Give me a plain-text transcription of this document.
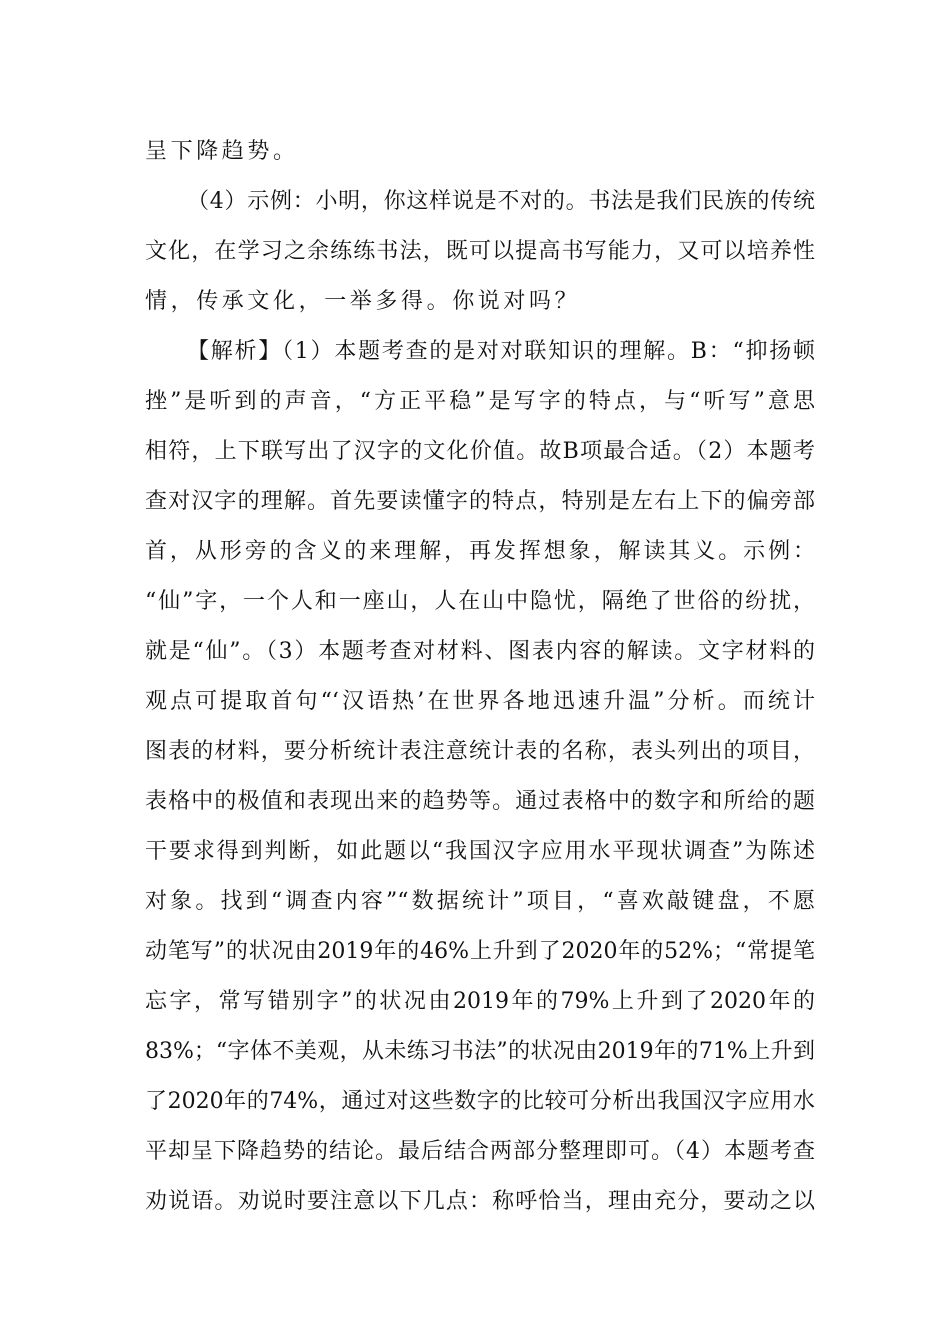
呈下降趋势。
（4）示例：小明，你这样说是不对的。书法是我们民族的传统
文化，在学习之余练练书法，既可以提高书写能力，又可以培养性
情，传承文化，一举多得。你说对吗？
【解析】（1）本题考查的是对对联知识的理解。B：“抑扬顿
挫”是听到的声音，“方正平稳”是写字的特点，与“听写”意思
相符，上下联写出了汉字的文化价值。故B项最合适。（2）本题考
查对汉字的理解。首先要读懂字的特点，特别是左右上下的偏旁部
首，从形旁的含义的来理解，再发挥想象，解读其义。示例：
“仙”字，一个人和一座山，人在山中隐忧，隔绝了世俗的纷扰，
就是“仙”。（3）本题考查对材料、图表内容的解读。文字材料的
观点可提取首句“‘汉语热’在世界各地迅速升温”分析。而统计
图表的材料，要分析统计表注意统计表的名称，表头列出的项目，
表格中的极值和表现出来的趋势等。通过表格中的数字和所给的题
干要求得到判断，如此题以“我国汉字应用水平现状调查”为陈述
对象。找到“调查内容”“数据统计”项目，“喜欢敲键盘，不愿
动笔写”的状况由2019年的46%上升到了2020年的52%；“常提笔
忘字，常写错别字”的状况由2019年的79%上升到了2020年的
83%；“字体不美观，从未练习书法”的状况由2019年的71%上升到
了2020年的74%，通过对这些数字的比较可分析出我国汉字应用水
平却呈下降趋势的结论。最后结合两部分整理即可。（4）本题考查
劝说语。劝说时要注意以下几点：称呼恰当，理由充分，要动之以
